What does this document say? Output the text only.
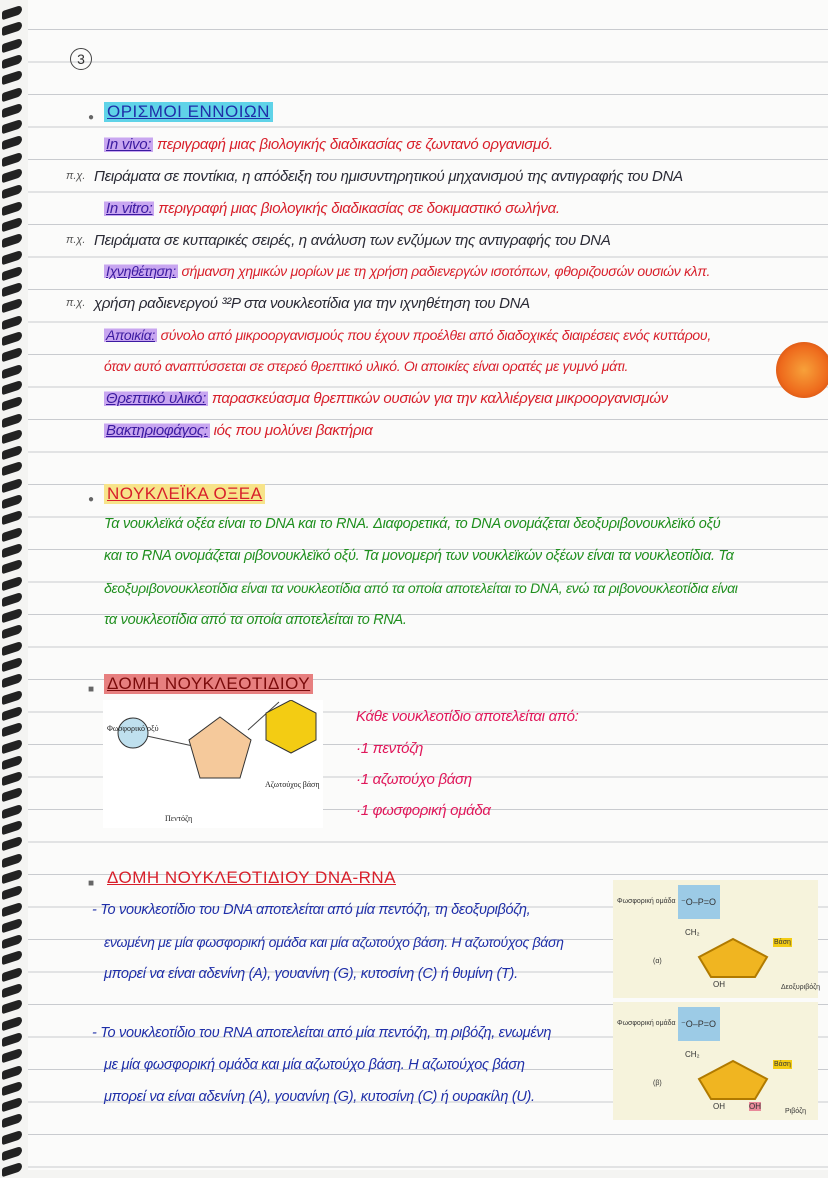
3
● ΟΡΙΣΜΟΙ ΕΝΝΟΙΩΝ
In vivo: περιγραφή μιας βιολογικής διαδικασίας σε ζωντανό οργανισμό.
π.χ. Πειράματα σε ποντίκια, η απόδειξη του ημισυντηρητικού μηχανισμού της αντιγραφής του DNA
In vitro: περιγραφή μιας βιολογικής διαδικασίας σε δοκιμαστικό σωλήνα.
π.χ. Πειράματα σε κυτταρικές σειρές, η ανάλυση των ενζύμων της αντιγραφής του DNA
Ιχνηθέτηση: σήμανση χημικών μορίων με τη χρήση ραδιενεργών ισοτόπων, φθοριζουσών ουσιών κλπ.
π.χ. χρήση ραδιενεργού ³²P στα νουκλεοτίδια για την ιχνηθέτηση του DNA
Αποικία: σύνολο από μικροοργανισμούς που έχουν προέλθει από διαδοχικές διαιρέσεις ενός κυττάρου,
όταν αυτό αναπτύσσεται σε στερεό θρεπτικό υλικό. Οι αποικίες είναι ορατές με γυμνό μάτι.
Θρεπτικό υλικό: παρασκεύασμα θρεπτικών ουσιών για την καλλιέργεια μικροοργανισμών
Βακτηριοφάγος: ιός που μολύνει βακτήρια
● ΝΟΥΚΛΕΪΚΑ ΟΞΕΑ
Τα νουκλεϊκά οξέα είναι το DNA και το RNA. Διαφορετικά, το DNA ονομάζεται δεοξυριβονουκλεϊκό οξύ
και το RNA ονομάζεται ριβονουκλεϊκό οξύ. Τα μονομερή των νουκλεϊκών οξέων είναι τα νουκλεοτίδια. Τα
δεοξυριβονουκλεοτίδια είναι τα νουκλεοτίδια από τα οποία αποτελείται το DNA, ενώ τα ριβονουκλεοτίδια είναι
τα νουκλεοτίδια από τα οποία αποτελείται το RNA.
■ ΔΟΜΗ ΝΟΥΚΛΕΟΤΙΔΙΟΥ
Φωσφορικό οξύ
Πεντόζη
Αζωτούχος βάση
Κάθε νουκλεοτίδιο αποτελείται από:
·1 πεντόζη
·1 αζωτούχο βάση
·1 φωσφορική ομάδα
■ ΔΟΜΗ ΝΟΥΚΛΕΟΤΙΔΙΟΥ DNA-RNA
- Το νουκλεοτίδιο του DNA αποτελείται από μία πεντόζη, τη δεοξυριβόζη,
ενωμένη με μία φωσφορική ομάδα και μία αζωτούχο βάση. Η αζωτούχος βάση
μπορεί να είναι αδενίνη (A), γουανίνη (G), κυτοσίνη (C) ή θυμίνη (T).
- Το νουκλεοτίδιο του RNA αποτελείται από μία πεντόζη, τη ριβόζη, ενωμένη
με μία φωσφορική ομάδα και μία αζωτούχο βάση. Η αζωτούχος βάση
μπορεί να είναι αδενίνη (A), γουανίνη (G), κυτοσίνη (C) ή ουρακίλη (U).
Φωσφορική ομάδα ⁻O–P=O
CH₂
Βάση
(α)
OH	Δεοξυριβόζη
Φωσφορική ομάδα ⁻O–P=O
CH₂
Βάση
(β)
OH	OH
Ριβόζη
